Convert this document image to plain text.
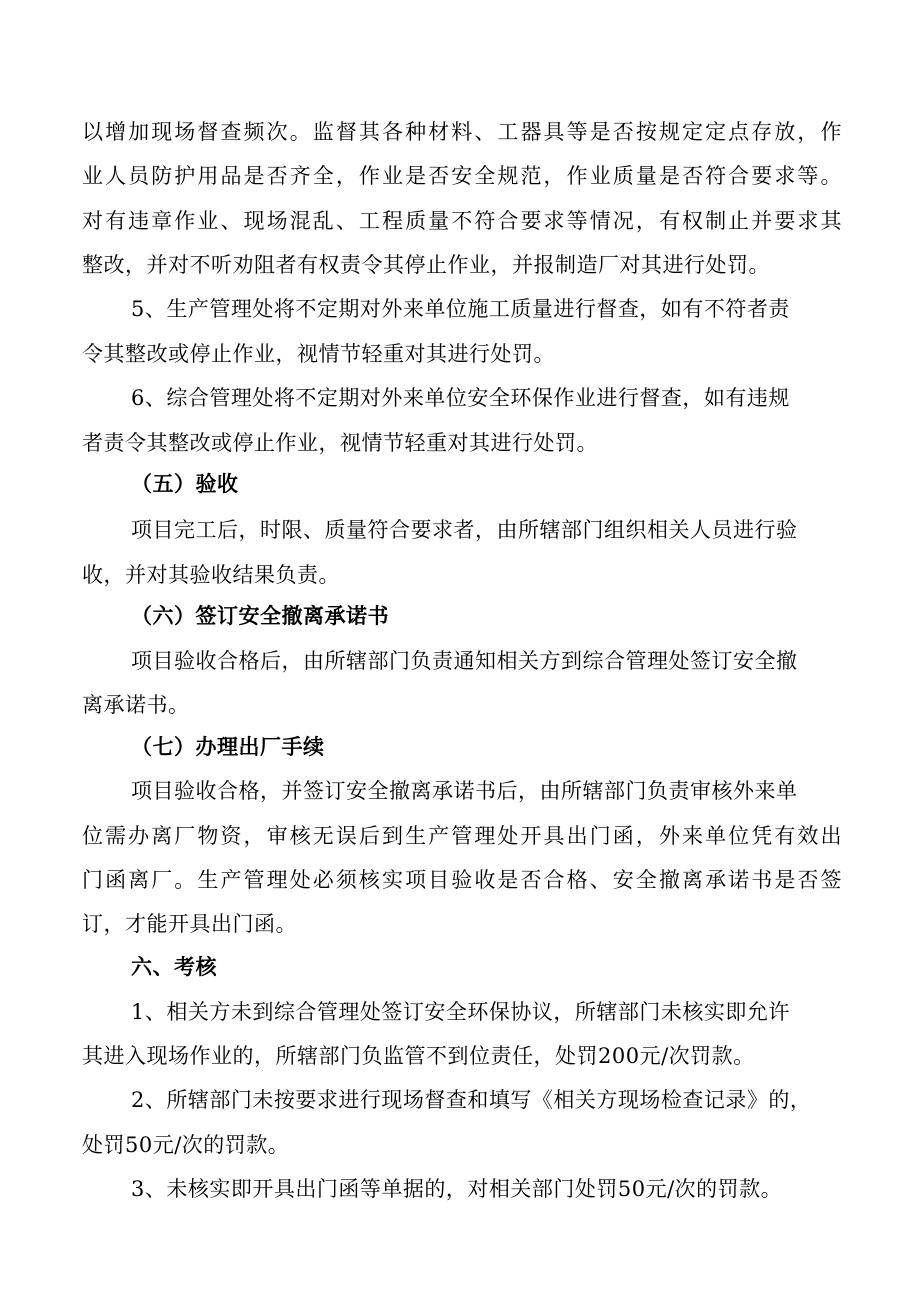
以增加现场督查频次。监督其各种材料、工器具等是否按规定定点存放，作
业人员防护用品是否齐全，作业是否安全规范，作业质量是否符合要求等。
对有违章作业、现场混乱、工程质量不符合要求等情况，有权制止并要求其
整改，并对不听劝阻者有权责令其停止作业，并报制造厂对其进行处罚。
5、生产管理处将不定期对外来单位施工质量进行督查，如有不符者责
令其整改或停止作业，视情节轻重对其进行处罚。
6、综合管理处将不定期对外来单位安全环保作业进行督查，如有违规
者责令其整改或停止作业，视情节轻重对其进行处罚。
（五）验收
项目完工后，时限、质量符合要求者，由所辖部门组织相关人员进行验
收，并对其验收结果负责。
（六）签订安全撤离承诺书
项目验收合格后，由所辖部门负责通知相关方到综合管理处签订安全撤
离承诺书。
（七）办理出厂手续
项目验收合格，并签订安全撤离承诺书后，由所辖部门负责审核外来单
位需办离厂物资，审核无误后到生产管理处开具出门函，外来单位凭有效出
门函离厂。生产管理处必须核实项目验收是否合格、安全撤离承诺书是否签
订，才能开具出门函。
六、考核
1、相关方未到综合管理处签订安全环保协议，所辖部门未核实即允许
其进入现场作业的，所辖部门负监管不到位责任，处罚200元/次罚款。
2、所辖部门未按要求进行现场督查和填写《相关方现场检查记录》的，
处罚50元/次的罚款。
3、未核实即开具出门函等单据的，对相关部门处罚50元/次的罚款。
